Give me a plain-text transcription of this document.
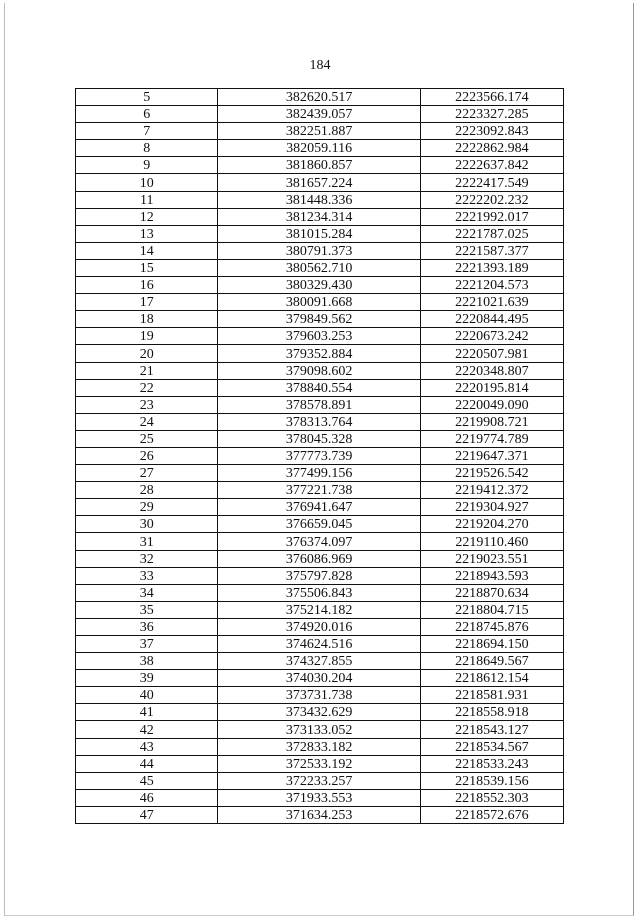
184
5	382620.517	2223566.174
6	382439.057	2223327.285
7	382251.887	2223092.843
8	382059.116	2222862.984
9	381860.857	2222637.842
10	381657.224	2222417.549
11	381448.336	2222202.232
12	381234.314	2221992.017
13	381015.284	2221787.025
14	380791.373	2221587.377
15	380562.710	2221393.189
16	380329.430	2221204.573
17	380091.668	2221021.639
18	379849.562	2220844.495
19	379603.253	2220673.242
20	379352.884	2220507.981
21	379098.602	2220348.807
22	378840.554	2220195.814
23	378578.891	2220049.090
24	378313.764	2219908.721
25	378045.328	2219774.789
26	377773.739	2219647.371
27	377499.156	2219526.542
28	377221.738	2219412.372
29	376941.647	2219304.927
30	376659.045	2219204.270
31	376374.097	2219110.460
32	376086.969	2219023.551
33	375797.828	2218943.593
34	375506.843	2218870.634
35	375214.182	2218804.715
36	374920.016	2218745.876
37	374624.516	2218694.150
38	374327.855	2218649.567
39	374030.204	2218612.154
40	373731.738	2218581.931
41	373432.629	2218558.918
42	373133.052	2218543.127
43	372833.182	2218534.567
44	372533.192	2218533.243
45	372233.257	2218539.156
46	371933.553	2218552.303
47	371634.253	2218572.676
